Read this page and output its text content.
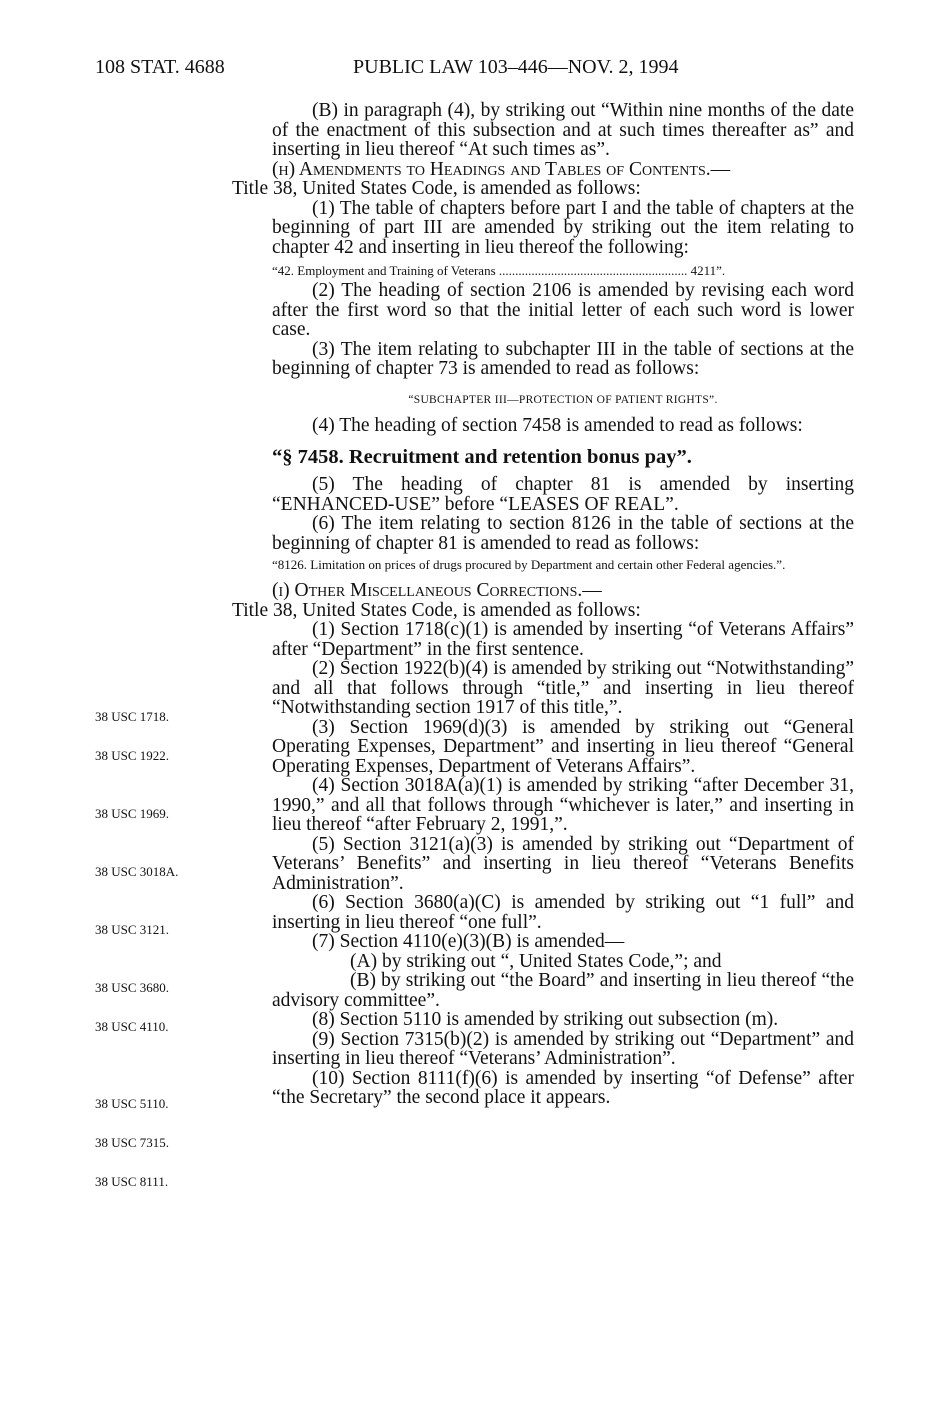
108 STAT. 4688	PUBLIC LAW 103–446—NOV. 2, 1994

(B) in paragraph (4), by striking out “Within nine months of the date of the enactment of this subsection and at such times thereafter as” and inserting in lieu thereof “At such times as”.

(h) Amendments to Headings and Tables of Contents.—

Title 38, United States Code, is amended as follows:

(1) The table of chapters before part I and the table of chapters at the beginning of part III are amended by striking out the item relating to chapter 42 and inserting in lieu thereof the following:

“42. Employment and Training of Veterans .......................................................... 4211”.

(2) The heading of section 2106 is amended by revising each word after the first word so that the initial letter of each such word is lower case.

(3) The item relating to subchapter III in the table of sections at the beginning of chapter 73 is amended to read as follows:

“SUBCHAPTER III—PROTECTION OF PATIENT RIGHTS”.

(4) The heading of section 7458 is amended to read as follows:

“§ 7458. Recruitment and retention bonus pay”.

(5) The heading of chapter 81 is amended by inserting “ENHANCED-USE” before “LEASES OF REAL”.

(6) The item relating to section 8126 in the table of sections at the beginning of chapter 81 is amended to read as follows:

“8126. Limitation on prices of drugs procured by Department and certain other Federal agencies.”.

(i) Other Miscellaneous Corrections.—

Title 38, United States Code, is amended as follows:

(1) Section 1718(c)(1) is amended by inserting “of Veterans Affairs” after “Department” in the first sentence.

(2) Section 1922(b)(4) is amended by striking out “Notwithstanding” and all that follows through “title,” and inserting in lieu thereof “Notwithstanding section 1917 of this title,”.

(3) Section 1969(d)(3) is amended by striking out “General Operating Expenses, Department” and inserting in lieu thereof “General Operating Expenses, Department of Veterans Affairs”.

(4) Section 3018A(a)(1) is amended by striking “after December 31, 1990,” and all that follows through “whichever is later,” and inserting in lieu thereof “after February 2, 1991,”.

(5) Section 3121(a)(3) is amended by striking out “Department of Veterans’ Benefits” and inserting in lieu thereof “Veterans Benefits Administration”.

(6) Section 3680(a)(C) is amended by striking out “1 full” and inserting in lieu thereof “one full”.

(7) Section 4110(e)(3)(B) is amended—

(A) by striking out “, United States Code,”; and

(B) by striking out “the Board” and inserting in lieu thereof “the advisory committee”.

(8) Section 5110 is amended by striking out subsection (m).

(9) Section 7315(b)(2) is amended by striking out “Department” and inserting in lieu thereof “Veterans’ Administration”.

(10) Section 8111(f)(6) is amended by inserting “of Defense” after “the Secretary” the second place it appears.

38 USC 1718.
38 USC 1922.
38 USC 1969.
38 USC 3018A.
38 USC 3121.
38 USC 3680.
38 USC 4110.
38 USC 5110.
38 USC 7315.
38 USC 8111.
